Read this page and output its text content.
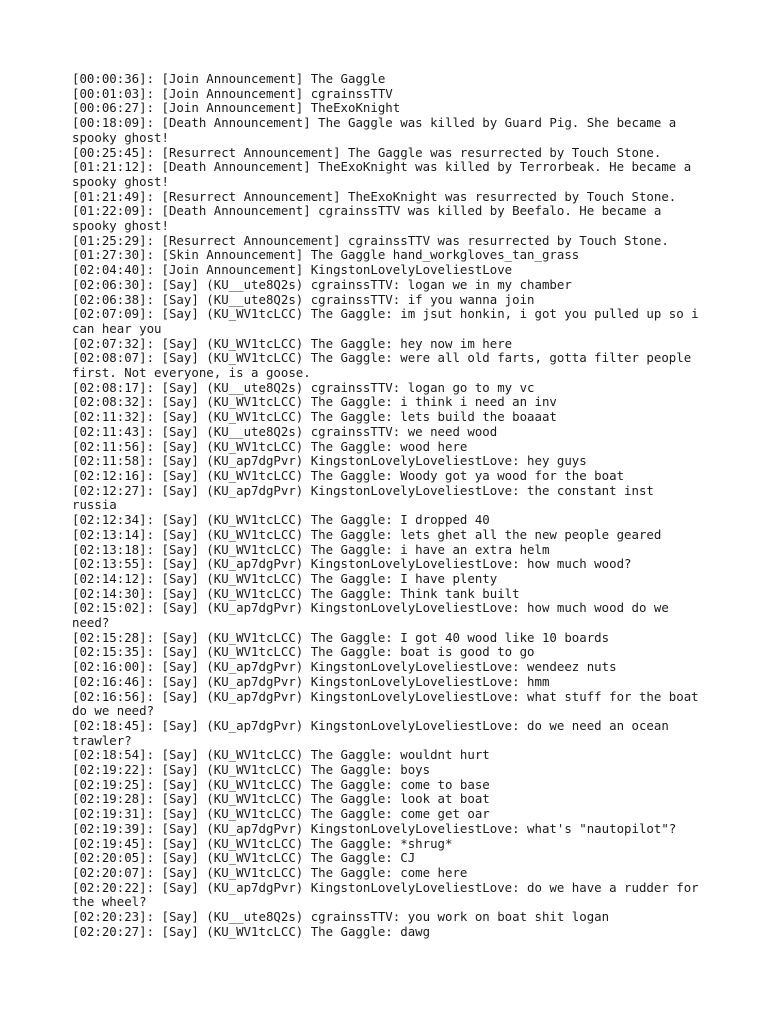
[00:00:36]: [Join Announcement] The Gaggle

[00:01:03]: [Join Announcement] cgrainssTTV

[00:06:27]: [Join Announcement] TheExoKnight

[00:18:09]: [Death Announcement] The Gaggle was killed by Guard Pig. She became a spooky ghost!

[00:25:45]: [Resurrect Announcement] The Gaggle was resurrected by Touch Stone.

[01:21:12]: [Death Announcement] TheExoKnight was killed by Terrorbeak. He became a spooky ghost!

[01:21:49]: [Resurrect Announcement] TheExoKnight was resurrected by Touch Stone.

[01:22:09]: [Death Announcement] cgrainssTTV was killed by Beefalo. He became a spooky ghost!

[01:25:29]: [Resurrect Announcement] cgrainssTTV was resurrected by Touch Stone.

[01:27:30]: [Skin Announcement] The Gaggle hand_workgloves_tan_grass

[02:04:40]: [Join Announcement] KingstonLovelyLoveliestLove

[02:06:30]: [Say] (KU__ute8Q2s) cgrainssTTV: logan we in my chamber

[02:06:38]: [Say] (KU__ute8Q2s) cgrainssTTV: if you wanna join

[02:07:09]: [Say] (KU_WV1tcLCC) The Gaggle: im jsut honkin, i got you pulled up so i can hear you

[02:07:32]: [Say] (KU_WV1tcLCC) The Gaggle: hey now im here

[02:08:07]: [Say] (KU_WV1tcLCC) The Gaggle: were all old farts, gotta filter people first. Not everyone, is a goose.

[02:08:17]: [Say] (KU__ute8Q2s) cgrainssTTV: logan go to my vc

[02:08:32]: [Say] (KU_WV1tcLCC) The Gaggle: i think i need an inv

[02:11:32]: [Say] (KU_WV1tcLCC) The Gaggle: lets build the boaaat

[02:11:43]: [Say] (KU__ute8Q2s) cgrainssTTV: we need wood

[02:11:56]: [Say] (KU_WV1tcLCC) The Gaggle: wood here

[02:11:58]: [Say] (KU_ap7dgPvr) KingstonLovelyLoveliestLove: hey guys

[02:12:16]: [Say] (KU_WV1tcLCC) The Gaggle: Woody got ya wood for the boat

[02:12:27]: [Say] (KU_ap7dgPvr) KingstonLovelyLoveliestLove: the constant inst russia

[02:12:34]: [Say] (KU_WV1tcLCC) The Gaggle: I dropped 40

[02:13:14]: [Say] (KU_WV1tcLCC) The Gaggle: lets ghet all the new people geared

[02:13:18]: [Say] (KU_WV1tcLCC) The Gaggle: i have an extra helm

[02:13:55]: [Say] (KU_ap7dgPvr) KingstonLovelyLoveliestLove: how much wood?

[02:14:12]: [Say] (KU_WV1tcLCC) The Gaggle: I have plenty

[02:14:30]: [Say] (KU_WV1tcLCC) The Gaggle: Think tank built

[02:15:02]: [Say] (KU_ap7dgPvr) KingstonLovelyLoveliestLove: how much wood do we need?

[02:15:28]: [Say] (KU_WV1tcLCC) The Gaggle: I got 40 wood like 10 boards

[02:15:35]: [Say] (KU_WV1tcLCC) The Gaggle: boat is good to go

[02:16:00]: [Say] (KU_ap7dgPvr) KingstonLovelyLoveliestLove: wendeez nuts

[02:16:46]: [Say] (KU_ap7dgPvr) KingstonLovelyLoveliestLove: hmm

[02:16:56]: [Say] (KU_ap7dgPvr) KingstonLovelyLoveliestLove: what stuff for the boat do we need?

[02:18:45]: [Say] (KU_ap7dgPvr) KingstonLovelyLoveliestLove: do we need an ocean trawler?

[02:18:54]: [Say] (KU_WV1tcLCC) The Gaggle: wouldnt hurt

[02:19:22]: [Say] (KU_WV1tcLCC) The Gaggle: boys

[02:19:25]: [Say] (KU_WV1tcLCC) The Gaggle: come to base

[02:19:28]: [Say] (KU_WV1tcLCC) The Gaggle: look at boat

[02:19:31]: [Say] (KU_WV1tcLCC) The Gaggle: come get oar

[02:19:39]: [Say] (KU_ap7dgPvr) KingstonLovelyLoveliestLove: what's "nautopilot"?

[02:19:45]: [Say] (KU_WV1tcLCC) The Gaggle: *shrug*

[02:20:05]: [Say] (KU_WV1tcLCC) The Gaggle: CJ

[02:20:07]: [Say] (KU_WV1tcLCC) The Gaggle: come here

[02:20:22]: [Say] (KU_ap7dgPvr) KingstonLovelyLoveliestLove: do we have a rudder for the wheel?

[02:20:23]: [Say] (KU__ute8Q2s) cgrainssTTV: you work on boat shit logan

[02:20:27]: [Say] (KU_WV1tcLCC) The Gaggle: dawg
